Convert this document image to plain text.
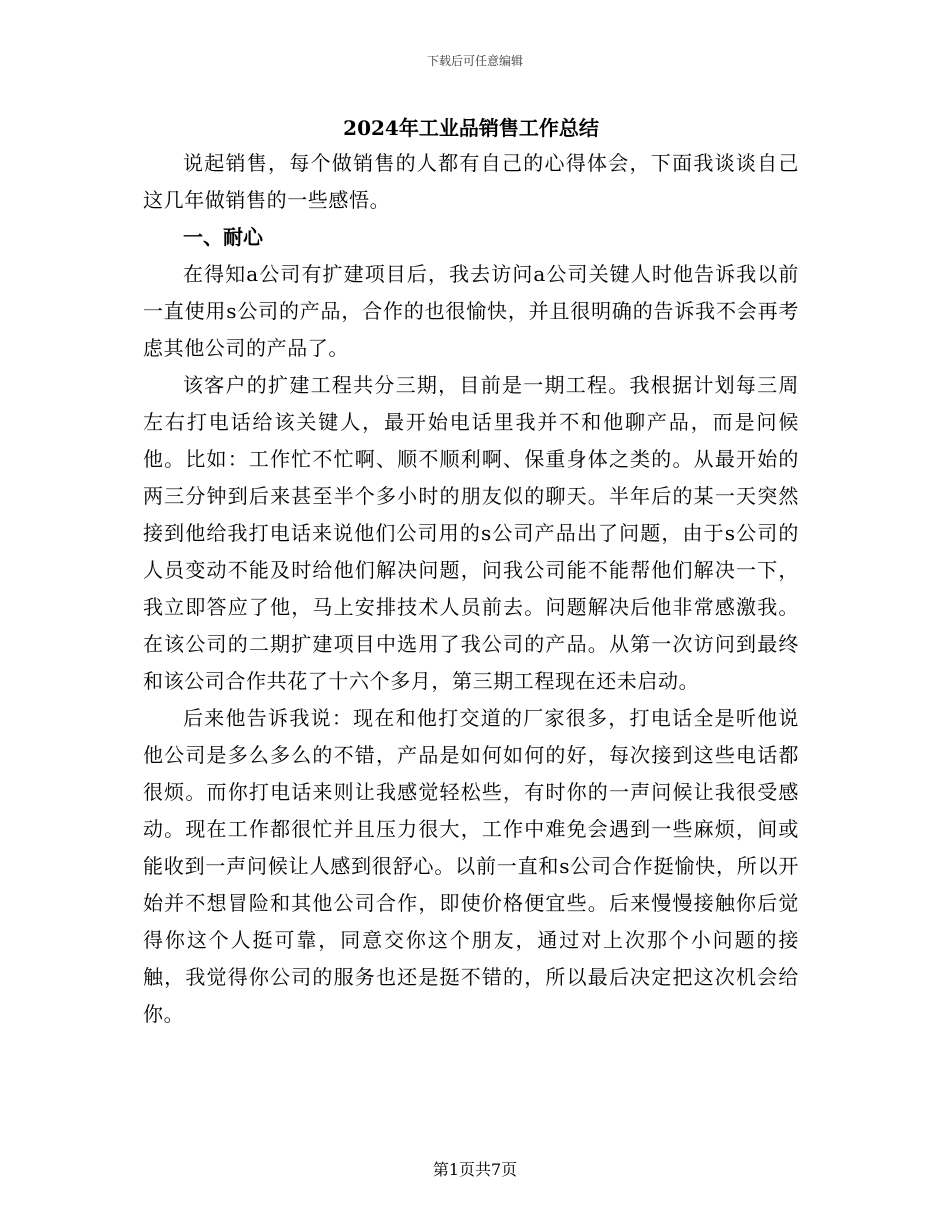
下载后可任意编辑
2024年工业品销售工作总结

说起销售，每个做销售的人都有自己的心得体会，下面我谈谈自己这几年做销售的一些感悟。

一、耐心

在得知a公司有扩建项目后，我去访问a公司关键人时他告诉我以前一直使用s公司的产品，合作的也很愉快，并且很明确的告诉我不会再考虑其他公司的产品了。

该客户的扩建工程共分三期，目前是一期工程。我根据计划每三周左右打电话给该关键人，最开始电话里我并不和他聊产品，而是问候他。比如：工作忙不忙啊、顺不顺利啊、保重身体之类的。从最开始的两三分钟到后来甚至半个多小时的朋友似的聊天。半年后的某一天突然接到他给我打电话来说他们公司用的s公司产品出了问题，由于s公司的人员变动不能及时给他们解决问题，问我公司能不能帮他们解决一下，我立即答应了他，马上安排技术人员前去。问题解决后他非常感激我。在该公司的二期扩建项目中选用了我公司的产品。从第一次访问到最终和该公司合作共花了十六个多月，第三期工程现在还未启动。

后来他告诉我说：现在和他打交道的厂家很多，打电话全是听他说他公司是多么多么的不错，产品是如何如何的好，每次接到这些电话都很烦。而你打电话来则让我感觉轻松些，有时你的一声问候让我很受感动。现在工作都很忙并且压力很大，工作中难免会遇到一些麻烦，间或能收到一声问候让人感到很舒心。以前一直和s公司合作挺愉快，所以开始并不想冒险和其他公司合作，即使价格便宜些。后来慢慢接触你后觉得你这个人挺可靠，同意交你这个朋友，通过对上次那个小问题的接触，我觉得你公司的服务也还是挺不错的，所以最后决定把这次机会给你。

第1页共7页
